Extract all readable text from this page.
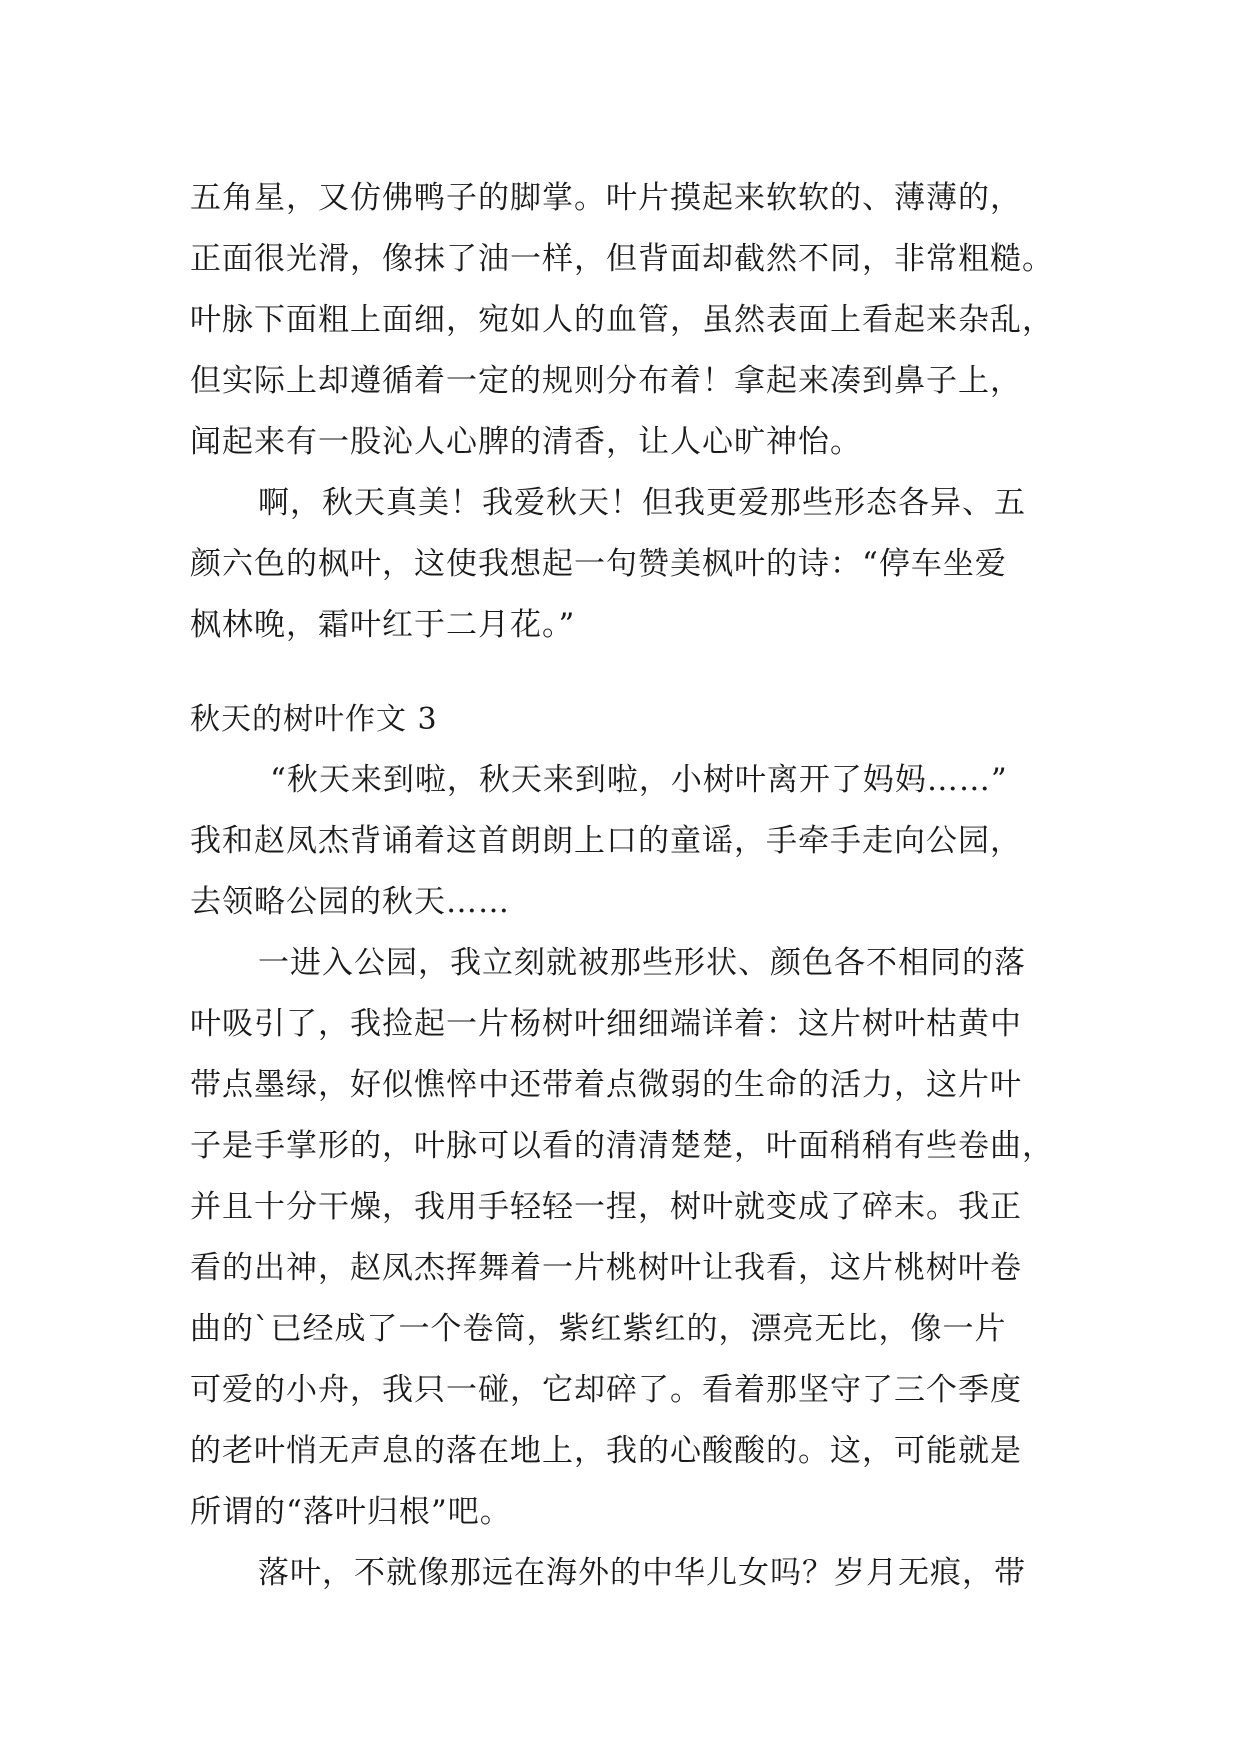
五角星，又仿佛鸭子的脚掌。叶片摸起来软软的、薄薄的，
正面很光滑，像抹了油一样，但背面却截然不同，非常粗糙。
叶脉下面粗上面细，宛如人的血管，虽然表面上看起来杂乱，
但实际上却遵循着一定的规则分布着！拿起来凑到鼻子上，
闻起来有一股沁人心脾的清香，让人心旷神怡。
啊，秋天真美！我爱秋天！但我更爱那些形态各异、五
颜六色的枫叶，这使我想起一句赞美枫叶的诗：“停车坐爱
枫林晚，霜叶红于二月花。”
秋天的树叶作文 3
“秋天来到啦，秋天来到啦，小树叶离开了妈妈……”
我和赵凤杰背诵着这首朗朗上口的童谣，手牵手走向公园，
去领略公园的秋天……
一进入公园，我立刻就被那些形状、颜色各不相同的落
叶吸引了，我捡起一片杨树叶细细端详着：这片树叶枯黄中
带点墨绿，好似憔悴中还带着点微弱的生命的活力，这片叶
子是手掌形的，叶脉可以看的清清楚楚，叶面稍稍有些卷曲，
并且十分干燥，我用手轻轻一捏，树叶就变成了碎末。我正
看的出神，赵凤杰挥舞着一片桃树叶让我看，这片桃树叶卷
曲的`已经成了一个卷筒，紫红紫红的，漂亮无比，像一片
可爱的小舟，我只一碰，它却碎了。看着那坚守了三个季度
的老叶悄无声息的落在地上，我的心酸酸的。这，可能就是
所谓的“落叶归根”吧。
落叶，不就像那远在海外的中华儿女吗？岁月无痕，带
